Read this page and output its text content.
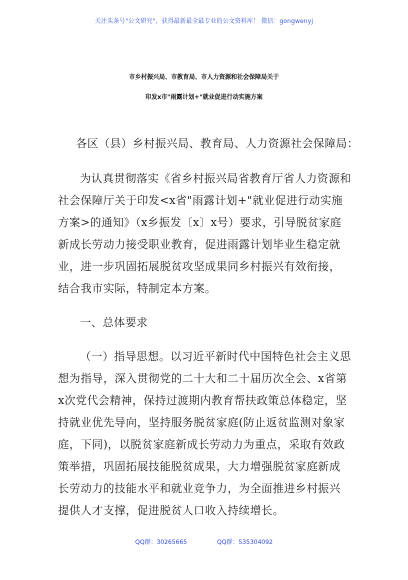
关注头条号"公文研究"，获得最新最全最专业的公文资料库！ 微信：gongwenyj
市乡村振兴局、市教育局、市人力资源和社会保障局关于
印发x市"雨露计划+"就业促进行动实施方案
各区（县）乡村振兴局、教育局、人力资源社会保障局：
为认真贯彻落实《省乡村振兴局省教育厅省人力资源和
社会保障厅关于印发<x省"雨露计划+"就业促进行动实施
方案>的通知》（x乡振发〔x〕x号）要求，引导脱贫家庭
新成长劳动力接受职业教育，促进雨露计划毕业生稳定就
业，进一步巩固拓展脱贫攻坚成果同乡村振兴有效衔接，
结合我市实际，特制定本方案。
一、总体要求
（一）指导思想。以习近平新时代中国特色社会主义思
想为指导，深入贯彻党的二十大和二十届历次全会、x省第
x次党代会精神，保持过渡期内教育帮扶政策总体稳定，坚
持就业优先导向，坚持服务脱贫家庭(防止返贫监测对象家
庭，下同)，以脱贫家庭新成长劳动力为重点，采取有效政
策举措，巩固拓展技能脱贫成果，大力增强脱贫家庭新成
长劳动力的技能水平和就业竞争力，为全面推进乡村振兴
提供人才支撑，促进脱贫人口收入持续增长。
QQ群：30265665	QQ群：535304092
